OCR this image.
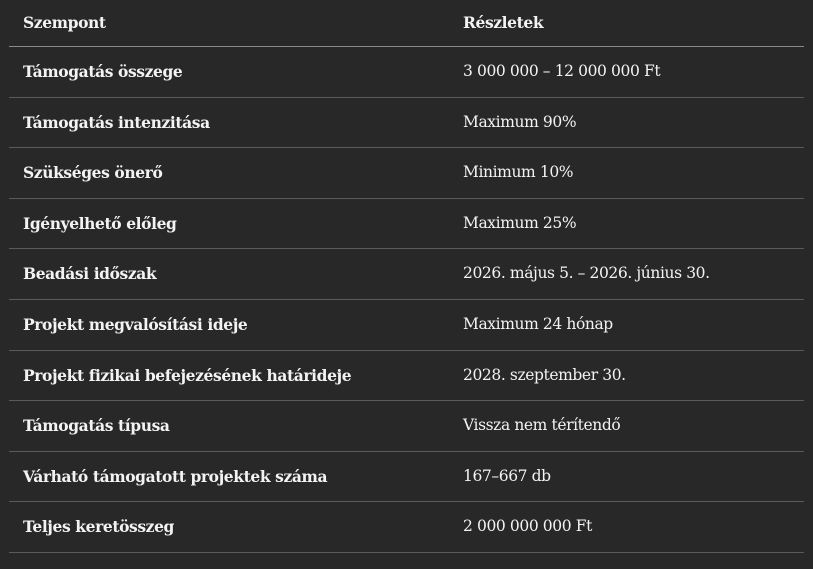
Szempont	Részletek
Támogatás összege	3 000 000 – 12 000 000 Ft
Támogatás intenzitása	Maximum 90%
Szükséges önerő	Minimum 10%
Igényelhető előleg	Maximum 25%
Beadási időszak	2026. május 5. – 2026. június 30.
Projekt megvalósítási ideje	Maximum 24 hónap
Projekt fizikai befejezésének határideje	2028. szeptember 30.
Támogatás típusa	Vissza nem térítendő
Várható támogatott projektek száma	167–667 db
Teljes keretösszeg	2 000 000 000 Ft
